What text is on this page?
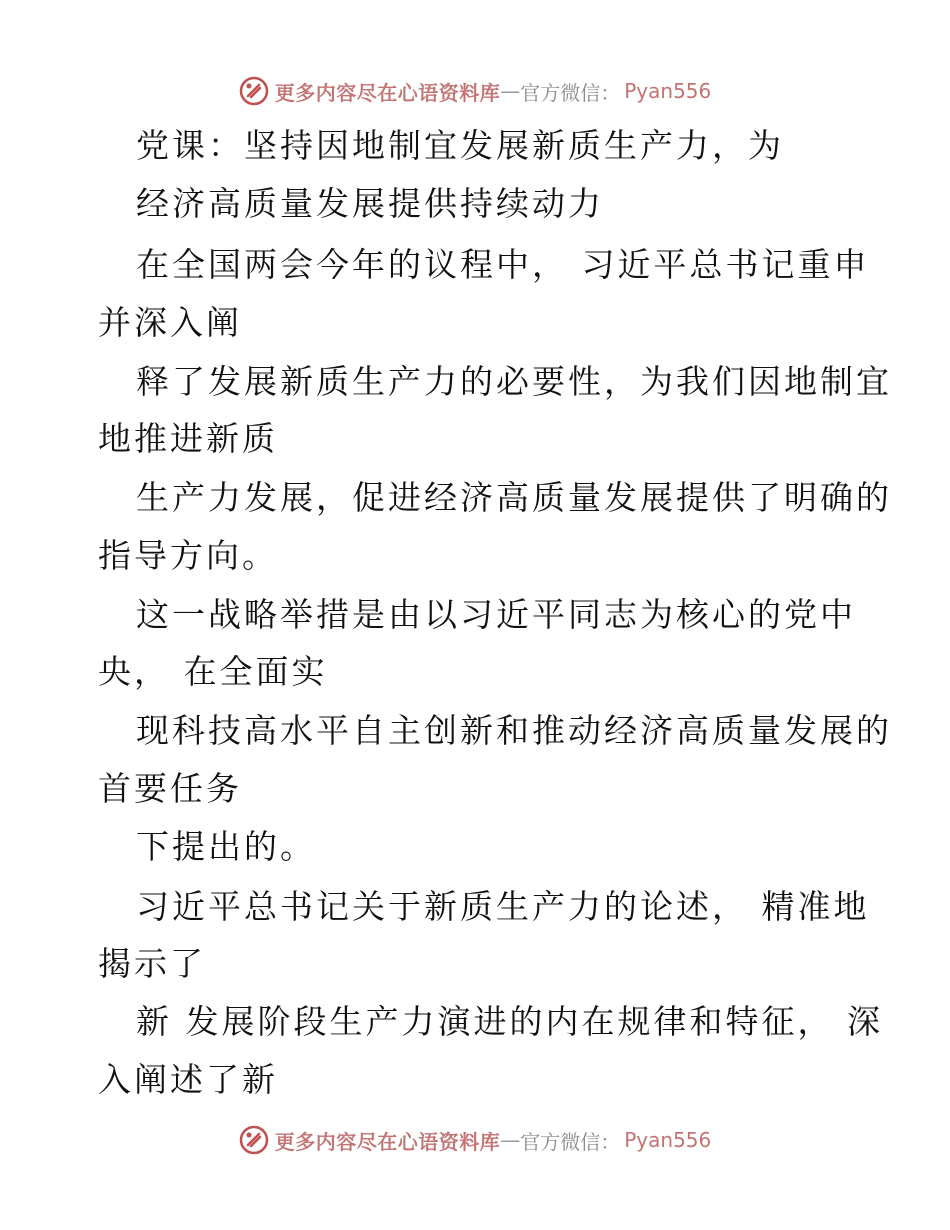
更多内容尽在心语资料库 — 官方微信： Pyan556
党课：坚持因地制宜发展新质生产力，为
经济高质量发展提供持续动力
在全国两会今年的议程中， 习近平总书记重申
并深入阐
释了发展新质生产力的必要性，为我们因地制宜
地推进新质
生产力发展，促进经济高质量发展提供了明确的
指导方向。
这一战略举措是由以习近平同志为核心的党中
央， 在全面实
现科技高水平自主创新和推动经济高质量发展的
首要任务
下提出的。
习近平总书记关于新质生产力的论述， 精准地
揭示了
新 发展阶段生产力演进的内在规律和特征， 深
入阐述了新
更多内容尽在心语资料库 — 官方微信： Pyan556
